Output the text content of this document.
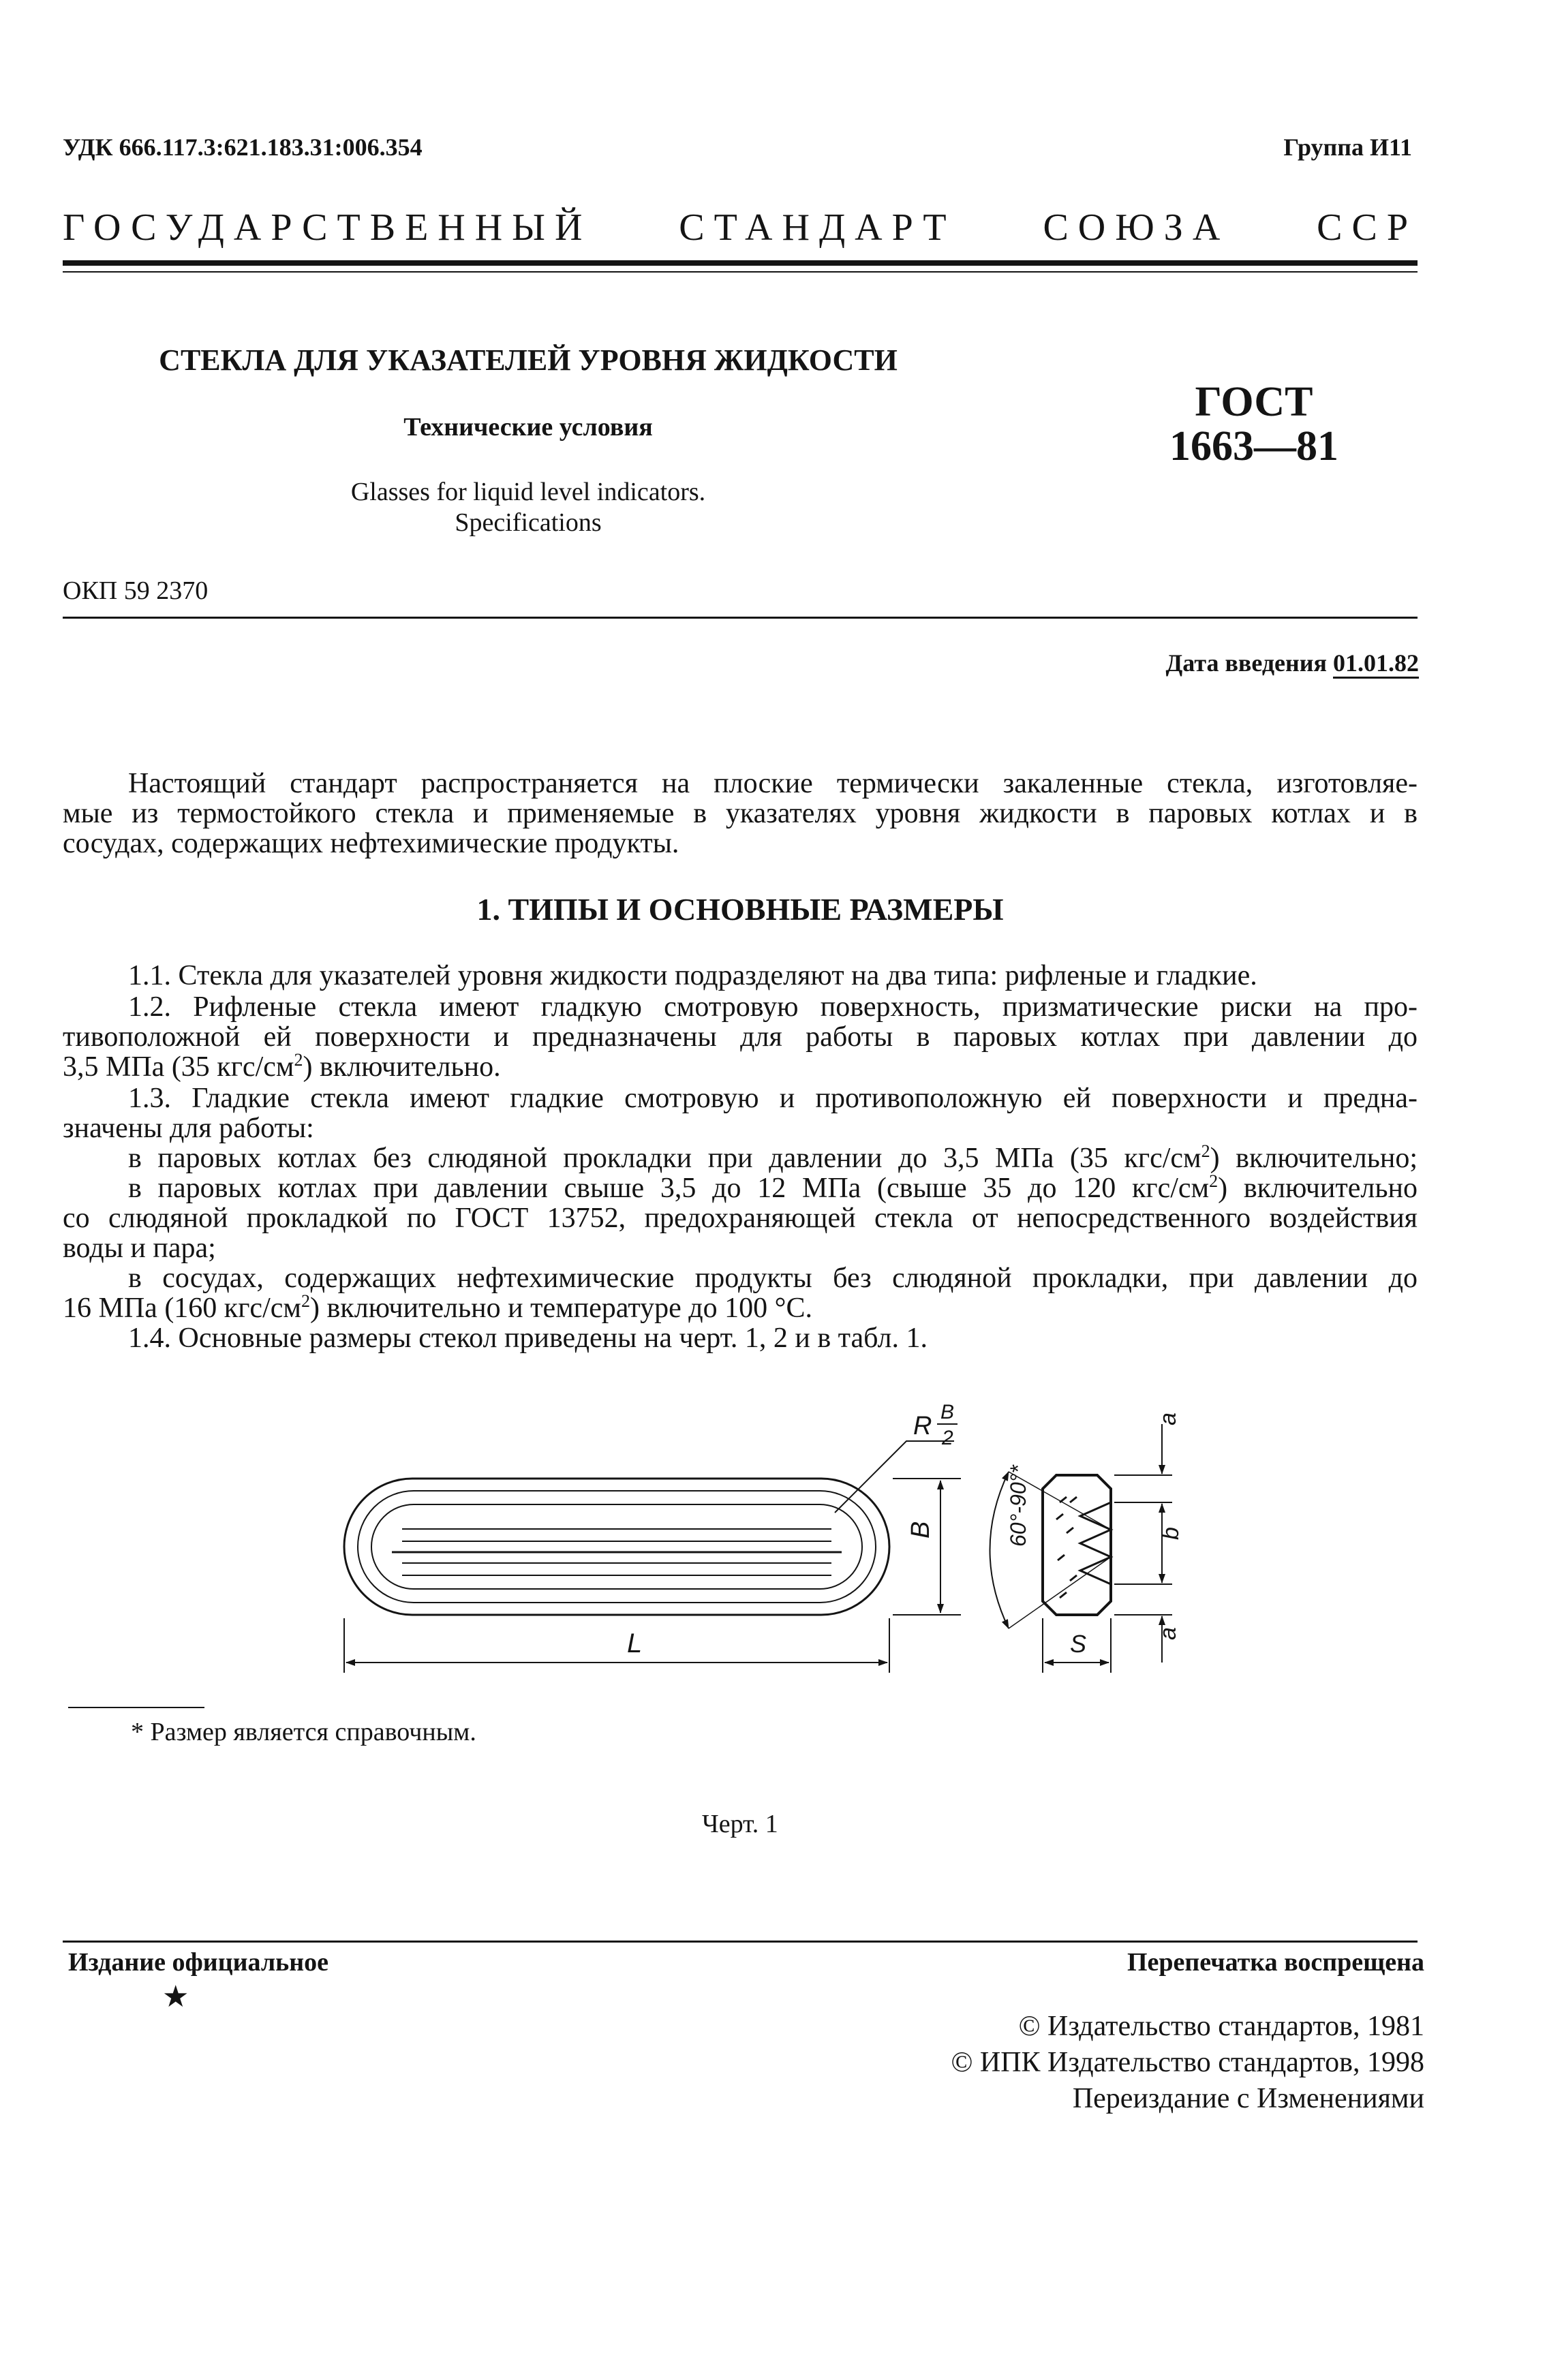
УДК 666.117.3:621.183.31:006.354	Группа И11
ГОСУДАРСТВЕННЫЙ СТАНДАРТ СОЮЗА ССР
СТЕКЛА ДЛЯ УКАЗАТЕЛЕЙ УРОВНЯ ЖИДКОСТИ
Технические условия
Glasses for liquid level indicators.
Specifications
ГОСТ
1663—81
ОКП 59 2370
Дата введения 01.01.82
Настоящий стандарт распространяется на плоские термически закаленные стекла, изготовляе-
мые из термостойкого стекла и применяемые в указателях уровня жидкости в паровых котлах и в
сосудах, содержащих нефтехимические продукты.
1. ТИПЫ И ОСНОВНЫЕ РАЗМЕРЫ
1.1. Стекла для указателей уровня жидкости подразделяют на два типа: рифленые и гладкие.
1.2. Рифленые стекла имеют гладкую смотровую поверхность, призматические риски на про-
тивоположной ей поверхности и предназначены для работы в паровых котлах при давлении до
3,5 МПа (35 кгс/$см^2$) включительно.
1.3. Гладкие стекла имеют гладкие смотровую и противоположную ей поверхности и предна-
значены для работы:
в паровых котлах без слюдяной прокладки при давлении до 3,5 МПа (35 кгс/$см^2$) включительно;
в паровых котлах при давлении свыше 3,5 до 12 МПа (свыше 35 до 120 кгс/$см^2$) включительно
со слюдяной прокладкой по ГОСТ 13752, предохраняющей стекла от непосредственного воздействия
воды и пара;
в сосудах, содержащих нефтехимические продукты без слюдяной прокладки, при давлении до
16 МПа (160 кгс/$см^2$) включительно и температуре до 100 °С.
1.4. Основные размеры стекол приведены на черт. 1, 2 и в табл. 1.
L
B
R B
2
60°-90°*
a
b
a
S
* Размер является справочным.
Черт. 1
Издание официальное
★
Перепечатка воспрещена
© Издательство стандартов, 1981
© ИПК Издательство стандартов, 1998
Переиздание с Изменениями
